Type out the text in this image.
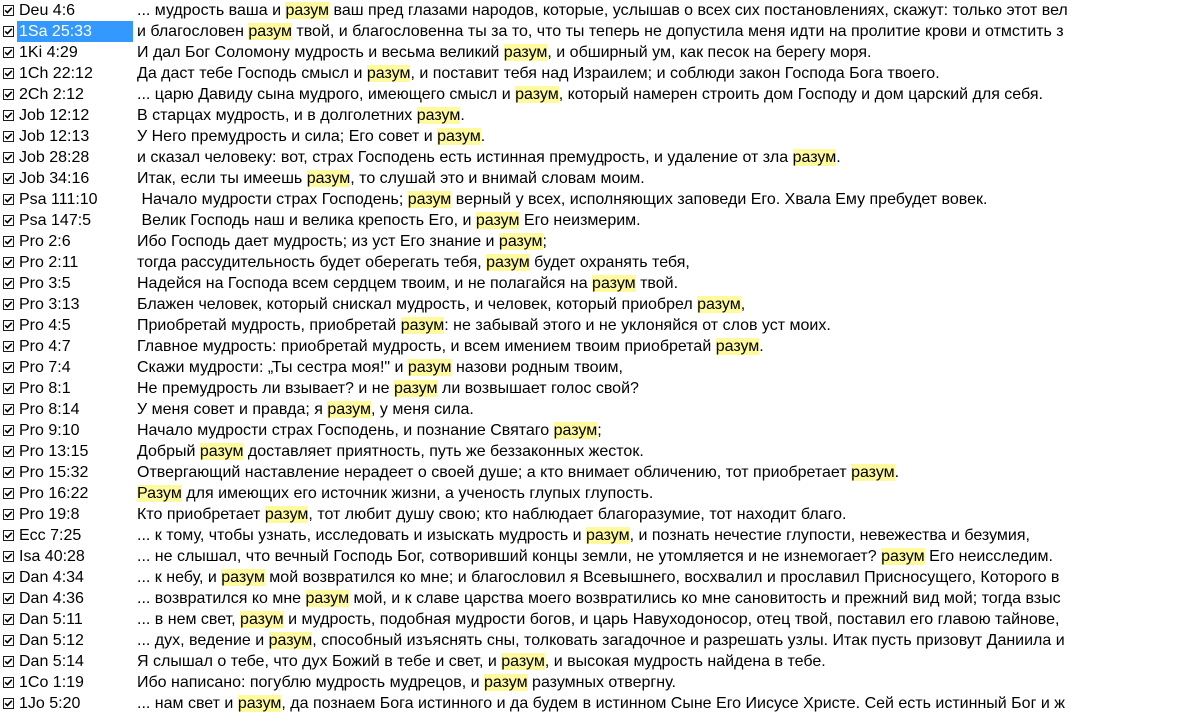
Deu 4:6	... мудрость ваша и разум ваш пред глазами народов, которые, услышав о всех сих постановлениях, скажут: только этот вел
1Sa 25:33	и благословен разум твой, и благословенна ты за то, что ты теперь не допустила меня идти на пролитие крови и отмстить з
1Ki 4:29	И дал Бог Соломону мудрость и весьма великий разум, и обширный ум, как песок на берегу моря.
1Ch 22:12	Да даст тебе Господь смысл и разум, и поставит тебя над Израилем; и соблюди закон Господа Бога твоего.
2Ch 2:12	... царю Давиду сына мудрого, имеющего смысл и разум, который намерен строить дом Господу и дом царский для себя.
Job 12:12	В старцах мудрость, и в долголетних разум.
Job 12:13	У Него премудрость и сила; Его совет и разум.
Job 28:28	и сказал человеку: вот, страх Господень есть истинная премудрость, и удаление от зла разум.
Job 34:16	Итак, если ты имеешь разум, то слушай это и внимай словам моим.
Psa 111:10	Начало мудрости страх Господень; разум верный у всех, исполняющих заповеди Его. Хвала Ему пребудет вовек.
Psa 147:5	Велик Господь наш и велика крепость Его, и разум Его неизмерим.
Pro 2:6	Ибо Господь дает мудрость; из уст Его знание и разум;
Pro 2:11	тогда рассудительность будет оберегать тебя, разум будет охранять тебя,
Pro 3:5	Надейся на Господа всем сердцем твоим, и не полагайся на разум твой.
Pro 3:13	Блажен человек, который снискал мудрость, и человек, который приобрел разум,
Pro 4:5	Приобретай мудрость, приобретай разум: не забывай этого и не уклоняйся от слов уст моих.
Pro 4:7	Главное мудрость: приобретай мудрость, и всем имением твоим приобретай разум.
Pro 7:4	Скажи мудрости: „Ты сестра моя!" и разум назови родным твоим,
Pro 8:1	Не премудрость ли взывает? и не разум ли возвышает голос свой?
Pro 8:14	У меня совет и правда; я разум, у меня сила.
Pro 9:10	Начало мудрости страх Господень, и познание Святаго разум;
Pro 13:15	Добрый разум доставляет приятность, путь же беззаконных жесток.
Pro 15:32	Отвергающий наставление нерадеет о своей душе; а кто внимает обличению, тот приобретает разум.
Pro 16:22	Разум для имеющих его источник жизни, а ученость глупых глупость.
Pro 19:8	Кто приобретает разум, тот любит душу свою; кто наблюдает благоразумие, тот находит благо.
Ecc 7:25	... к тому, чтобы узнать, исследовать и изыскать мудрость и разум, и познать нечестие глупости, невежества и безумия,
Isa 40:28	... не слышал, что вечный Господь Бог, сотворивший концы земли, не утомляется и не изнемогает? разум Его неисследим.
Dan 4:34	... к небу, и разум мой возвратился ко мне; и благословил я Всевышнего, восхвалил и прославил Присносущего, Которого в
Dan 4:36	... возвратился ко мне разум мой, и к славе царства моего возвратились ко мне сановитость и прежний вид мой; тогда взыс
Dan 5:11	... в нем свет, разум и мудрость, подобная мудрости богов, и царь Навуходоносор, отец твой, поставил его главою тайнове,
Dan 5:12	... дух, ведение и разум, способный изъяснять сны, толковать загадочное и разрешать узлы. Итак пусть призовут Даниила и
Dan 5:14	Я слышал о тебе, что дух Божий в тебе и свет, и разум, и высокая мудрость найдена в тебе.
1Co 1:19	Ибо написано: погублю мудрость мудрецов, и разум разумных отвергну.
1Jo 5:20	... нам свет и разум, да познаем Бога истинного и да будем в истинном Сыне Его Иисусе Христе. Сей есть истинный Бог и ж
